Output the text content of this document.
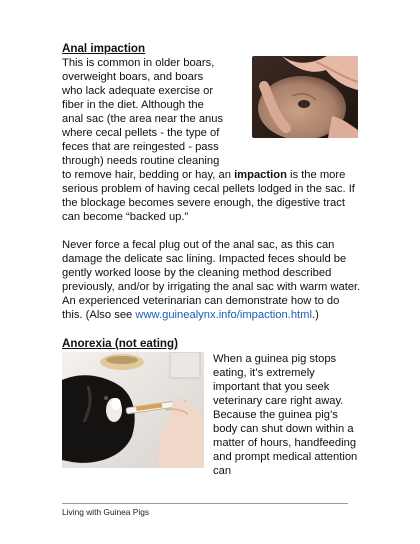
Anal impaction

This is common in older boars,

overweight boars, and boars

who lack adequate exercise or

fiber in the diet. Although the

anal sac (the area near the anus

where cecal pellets - the type of

feces that are reingested - pass

through) needs routine cleaning

to remove hair, bedding or hay, an impaction is the more serious problem of having cecal pellets lodged in the sac. If the blockage becomes severe enough, the digestive tract can become “backed up.”

Never force a fecal plug out of the anal sac, as this can damage the delicate sac lining. Impacted feces should be gently worked loose by the cleaning method described previously, and/or by irrigating the anal sac with warm water. An experienced veterinarian can demonstrate how to do this. (Also see www.guinealynx.info/impaction.html.)

Anorexia (not eating)

When a guinea pig stops eating, it’s extremely important that you seek veterinary care right away. Because the guinea pig’s body can shut down within a matter of hours, handfeeding and prompt medical attention can

Living with Guinea Pigs
